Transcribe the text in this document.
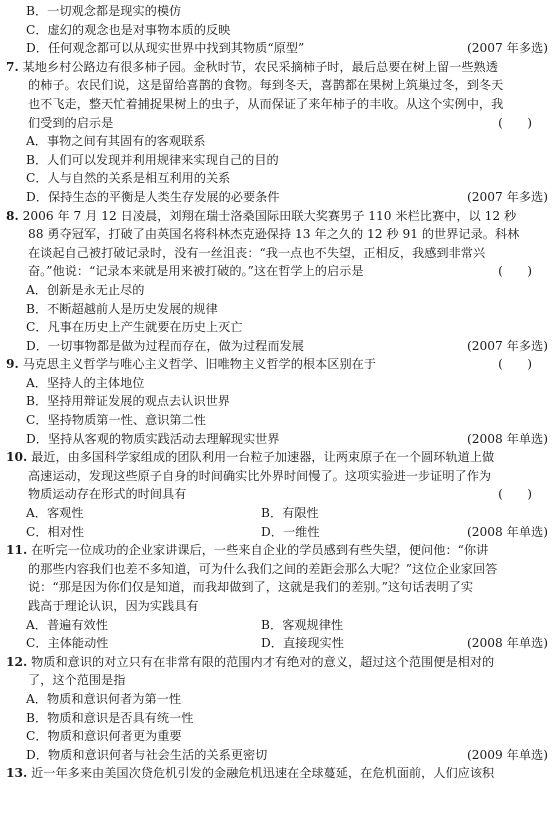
B．一切观念都是现实的模仿
C．虚幻的观念也是对事物本质的反映
D．任何观念都可以从现实世界中找到其物质“原型”	(2007 年多选)
7. 某地乡村公路边有很多柿子园。金秋时节，农民采摘柿子时，最后总要在树上留一些熟透
的柿子。农民们说，这是留给喜鹊的食物。每到冬天，喜鹊都在果树上筑巢过冬，到冬天
也不飞走，整天忙着捕捉果树上的虫子，从而保证了来年柿子的丰收。从这个实例中，我
们受到的启示是	(　　)
A．事物之间有其固有的客观联系
B．人们可以发现并利用规律来实现自己的目的
C．人与自然的关系是相互利用的关系
D．保持生态的平衡是人类生存发展的必要条件	(2007 年多选)
8. 2006 年 7 月 12 日凌晨，刘翔在瑞士洛桑国际田联大奖赛男子 110 米栏比赛中，以 12 秒
88 勇夺冠军，打破了由英国名将科林杰克逊保持 13 年之久的 12 秒 91 的世界记录。科林
在谈起自己被打破记录时，没有一丝沮丧：“我一点也不失望，正相反，我感到非常兴
奋。”他说：“记录本来就是用来被打破的。”这在哲学上的启示是	(　　)
A．创新是永无止尽的
B．不断超越前人是历史发展的规律
C．凡事在历史上产生就要在历史上灭亡
D．一切事物都是做为过程而存在，做为过程而发展	(2007 年多选)
9. 马克思主义哲学与唯心主义哲学、旧唯物主义哲学的根本区别在于	(　　)
A．坚持人的主体地位
B．坚持用辩证发展的观点去认识世界
C．坚持物质第一性、意识第二性
D．坚持从客观的物质实践活动去理解现实世界	(2008 年单选)
10. 最近，由多国科学家组成的团队利用一台粒子加速器，让两束原子在一个圆环轨道上做
高速运动，发现这些原子自身的时间确实比外界时间慢了。这项实验进一步证明了作为
物质运动存在形式的时间具有	(　　)
A．客观性	B．有限性
C．相对性	D．一维性	(2008 年单选)
11. 在听完一位成功的企业家讲课后，一些来自企业的学员感到有些失望，便问他：“你讲
的那些内容我们也差不多知道，可为什么我们之间的差距会那么大呢？”这位企业家回答
说：“那是因为你们仅是知道，而我却做到了，这就是我们的差别。”这句话表明了实
践高于理论认识，因为实践具有
A．普遍有效性	B．客观规律性
C．主体能动性	D．直接现实性	(2008 年单选)
12. 物质和意识的对立只有在非常有限的范围内才有绝对的意义，超过这个范围便是相对的
了，这个范围是指
A．物质和意识何者为第一性
B．物质和意识是否具有统一性
C．物质和意识何者更为重要
D．物质和意识何者与社会生活的关系更密切	(2009 年单选)
13. 近一年多来由美国次贷危机引发的金融危机迅速在全球蔓延，在危机面前，人们应该积
